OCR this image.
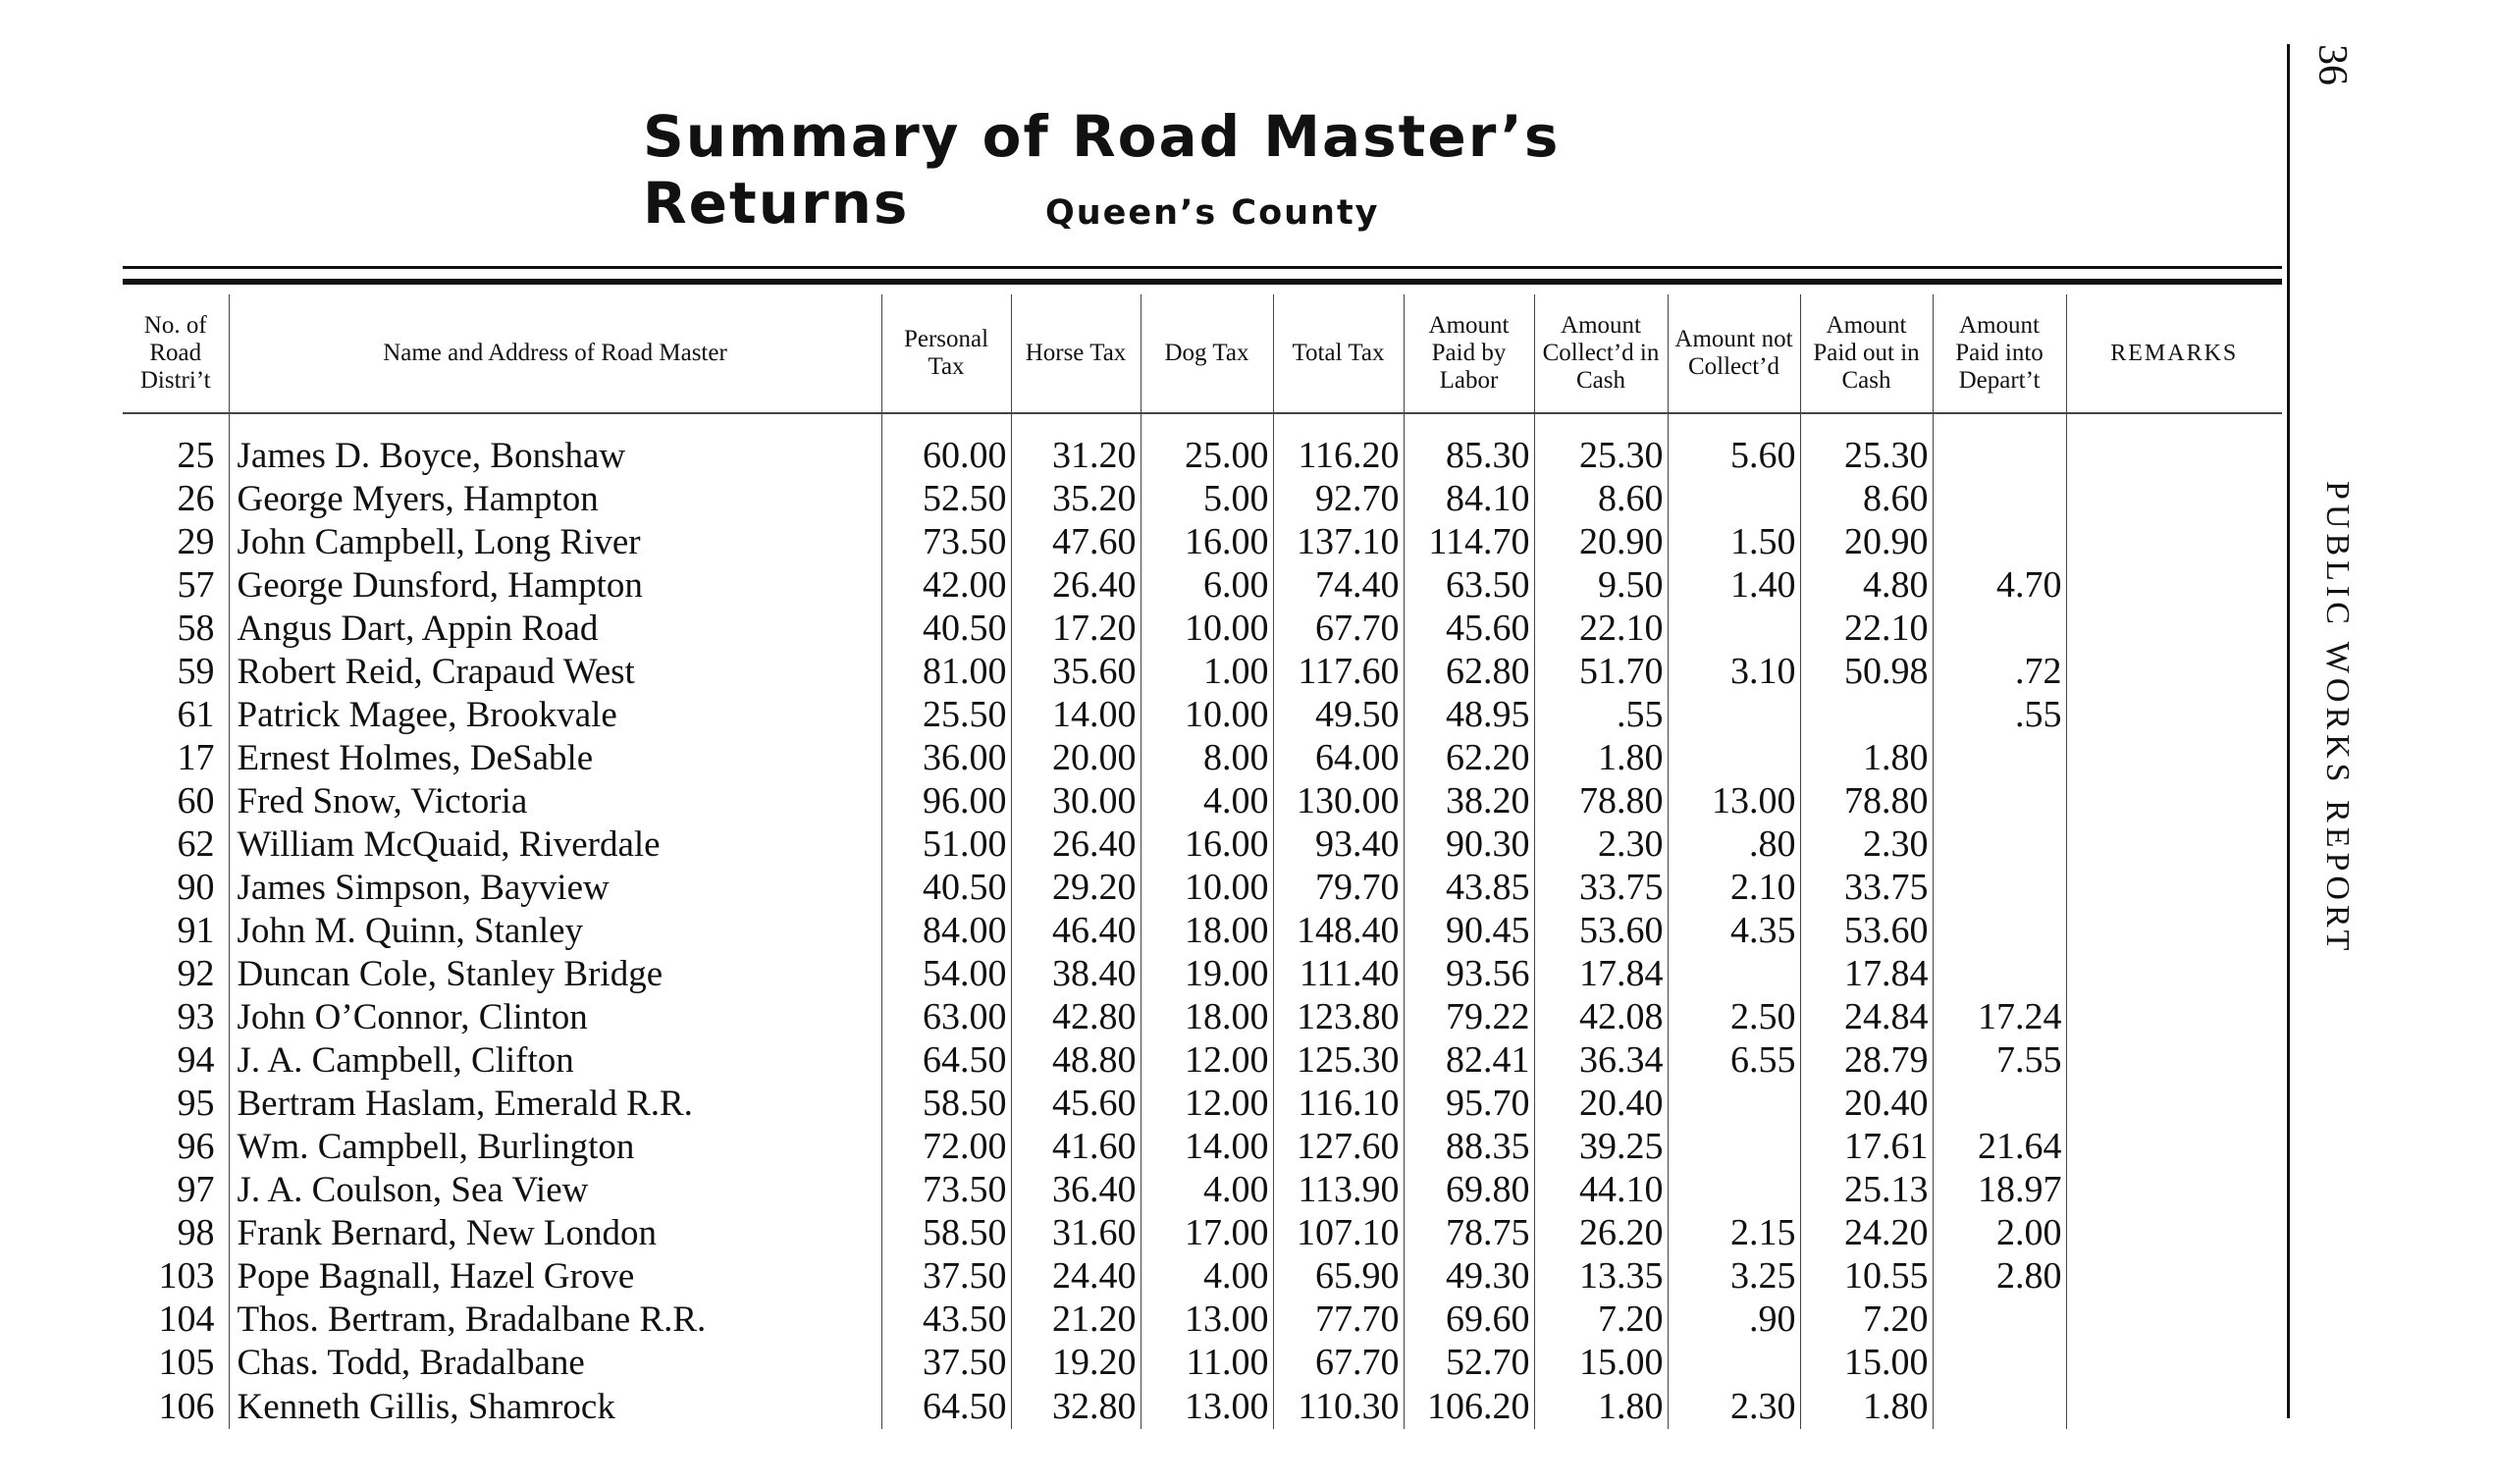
Summary of Road Master’s Returns	Queen’s County
36
PUBLIC WORKS REPORT
No. of Road Distri’t	Name and Address of Road Master	Personal Tax	Horse Tax	Dog Tax	Total Tax	Amount Paid by Labor	Amount Collect’d in Cash	Amount not Collect’d	Amount Paid out in Cash	Amount Paid into Depart’t	REMARKS
25	James D. Boyce, Bonshaw	60.00	31.20	25.00	116.20	85.30	25.30	5.60	25.30		
26	George Myers, Hampton	52.50	35.20	5.00	92.70	84.10	8.60		8.60		
29	John Campbell, Long River	73.50	47.60	16.00	137.10	114.70	20.90	1.50	20.90		
57	George Dunsford, Hampton	42.00	26.40	6.00	74.40	63.50	9.50	1.40	4.80	4.70	
58	Angus Dart, Appin Road	40.50	17.20	10.00	67.70	45.60	22.10		22.10		
59	Robert Reid, Crapaud West	81.00	35.60	1.00	117.60	62.80	51.70	3.10	50.98	.72	
61	Patrick Magee, Brookvale	25.50	14.00	10.00	49.50	48.95	.55			.55	
17	Ernest Holmes, DeSable	36.00	20.00	8.00	64.00	62.20	1.80		1.80		
60	Fred Snow, Victoria	96.00	30.00	4.00	130.00	38.20	78.80	13.00	78.80		
62	William McQuaid, Riverdale	51.00	26.40	16.00	93.40	90.30	2.30	.80	2.30		
90	James Simpson, Bayview	40.50	29.20	10.00	79.70	43.85	33.75	2.10	33.75		
91	John M. Quinn, Stanley	84.00	46.40	18.00	148.40	90.45	53.60	4.35	53.60		
92	Duncan Cole, Stanley Bridge	54.00	38.40	19.00	111.40	93.56	17.84		17.84		
93	John O’Connor, Clinton	63.00	42.80	18.00	123.80	79.22	42.08	2.50	24.84	17.24	
94	J. A. Campbell, Clifton	64.50	48.80	12.00	125.30	82.41	36.34	6.55	28.79	7.55	
95	Bertram Haslam, Emerald R.R.	58.50	45.60	12.00	116.10	95.70	20.40		20.40		
96	Wm. Campbell, Burlington	72.00	41.60	14.00	127.60	88.35	39.25		17.61	21.64	
97	J. A. Coulson, Sea View	73.50	36.40	4.00	113.90	69.80	44.10		25.13	18.97	
98	Frank Bernard, New London	58.50	31.60	17.00	107.10	78.75	26.20	2.15	24.20	2.00	
103	Pope Bagnall, Hazel Grove	37.50	24.40	4.00	65.90	49.30	13.35	3.25	10.55	2.80	
104	Thos. Bertram, Bradalbane R.R.	43.50	21.20	13.00	77.70	69.60	7.20	.90	7.20		
105	Chas. Todd, Bradalbane	37.50	19.20	11.00	67.70	52.70	15.00		15.00		
106	Kenneth Gillis, Shamrock	64.50	32.80	13.00	110.30	106.20	1.80	2.30	1.80		
